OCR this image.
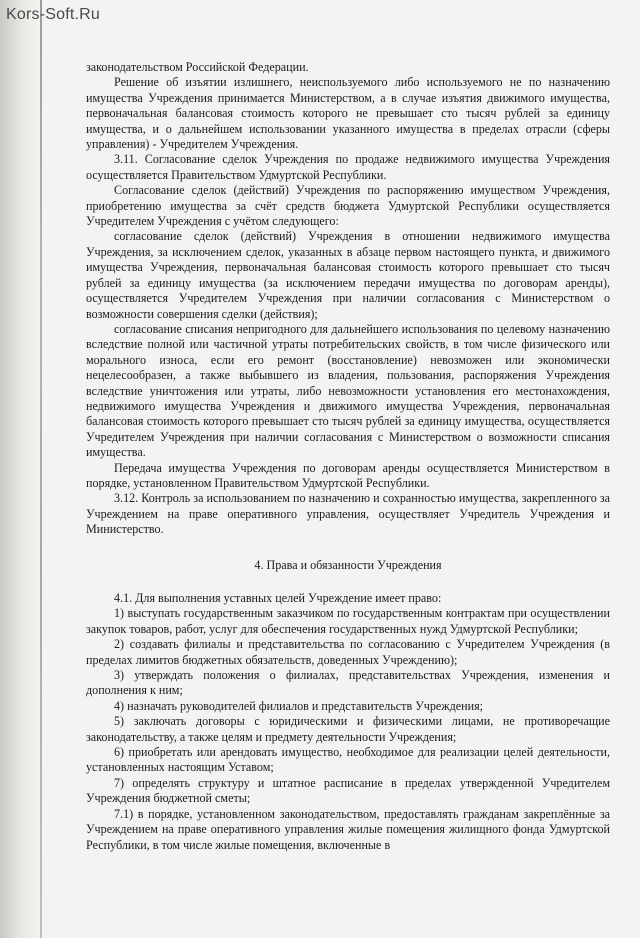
Kors-Soft.Ru

законодательством Российской Федерации.

Решение об изъятии излишнего, неиспользуемого либо используемого не по назначению имущества Учреждения принимается Министерством, а в случае изъятия движимого имущества, первоначальная балансовая стоимость которого не превышает сто тысяч рублей за единицу имущества, и о дальнейшем использовании указанного имущества в пределах отрасли (сферы управления) - Учредителем Учреждения.

3.11. Согласование сделок Учреждения по продаже недвижимого имущества Учреждения осуществляется Правительством Удмуртской Республики.

Согласование сделок (действий) Учреждения по распоряжению имуществом Учреждения, приобретению имущества за счёт средств бюджета Удмуртской Республики осуществляется Учредителем Учреждения с учётом следующего:

согласование сделок (действий) Учреждения в отношении недвижимого имущества Учреждения, за исключением сделок, указанных в абзаце первом настоящего пункта, и движимого имущества Учреждения, первоначальная балансовая стоимость которого превышает сто тысяч рублей за единицу имущества (за исключением передачи имущества по договорам аренды), осуществляется Учредителем Учреждения при наличии согласования с Министерством о возможности совершения сделки (действия);

согласование списания непригодного для дальнейшего использования по целевому назначению вследствие полной или частичной утраты потребительских свойств, в том числе физического или морального износа, если его ремонт (восстановление) невозможен или экономически нецелесообразен, а также выбывшего из владения, пользования, распоряжения Учреждения вследствие уничтожения или утраты, либо невозможности установления его местонахождения, недвижимого имущества Учреждения и движимого имущества Учреждения, первоначальная балансовая стоимость которого превышает сто тысяч рублей за единицу имущества, осуществляется Учредителем Учреждения при наличии согласования с Министерством о возможности списания имущества.

Передача имущества Учреждения по договорам аренды осуществляется Министерством в порядке, установленном Правительством Удмуртской Республики.

3.12. Контроль за использованием по назначению и сохранностью имущества, закрепленного за Учреждением на праве оперативного управления, осуществляет Учредитель Учреждения и Министерство.

4. Права и обязанности Учреждения

4.1. Для выполнения уставных целей Учреждение имеет право:

1) выступать государственным заказчиком по государственным контрактам при осуществлении закупок товаров, работ, услуг для обеспечения государственных нужд Удмуртской Республики;

2) создавать филиалы и представительства по согласованию с Учредителем Учреждения (в пределах лимитов бюджетных обязательств, доведенных Учреждению);

3) утверждать положения о филиалах, представительствах Учреждения, изменения и дополнения к ним;

4) назначать руководителей филиалов и представительств Учреждения;

5) заключать договоры с юридическими и физическими лицами, не противоречащие законодательству, а также целям и предмету деятельности Учреждения;

6) приобретать или арендовать имущество, необходимое для реализации целей деятельности, установленных настоящим Уставом;

7) определять структуру и штатное расписание в пределах утвержденной Учредителем Учреждения бюджетной сметы;

7.1) в порядке, установленном законодательством, предоставлять гражданам закреплённые за Учреждением на праве оперативного управления жилые помещения жилищного фонда Удмуртской Республики, в том числе жилые помещения, включенные в
